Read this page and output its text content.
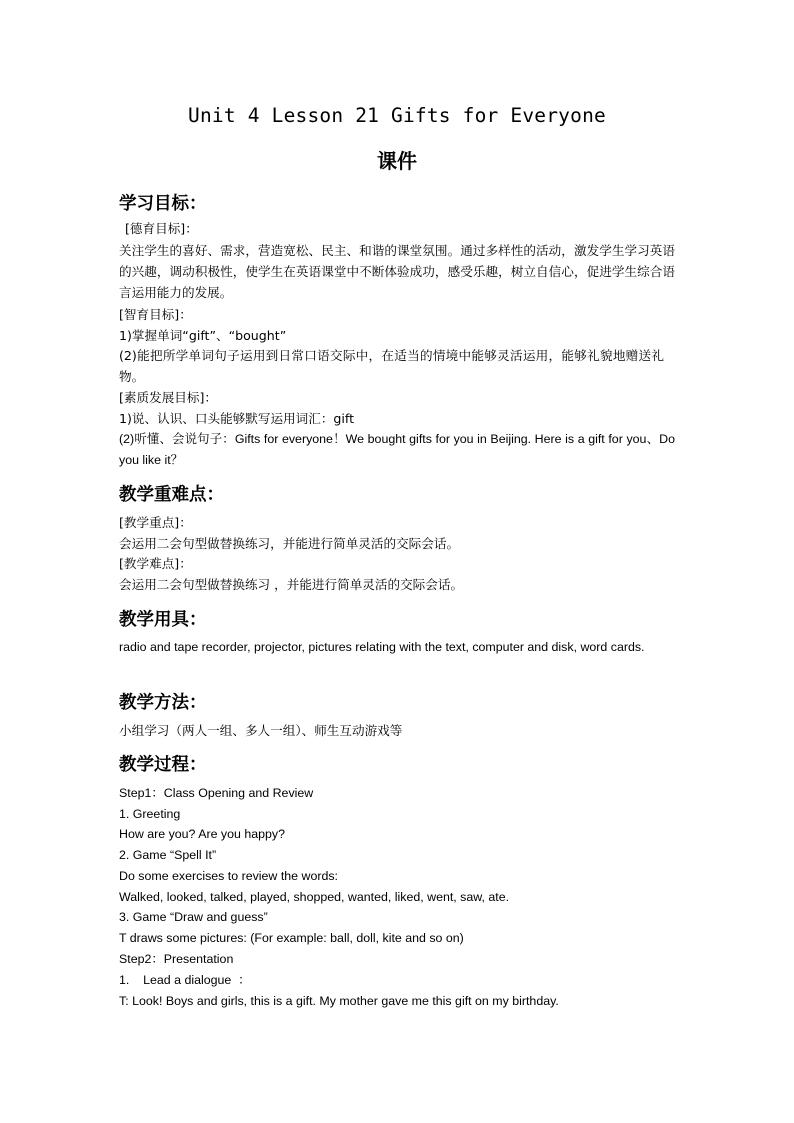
Unit 4 Lesson 21 Gifts for Everyone
课件
学习目标：
[德育目标]：
关注学生的喜好、需求，营造宽松、民主、和谐的课堂氛围。通过多样性的活动，激发学生学习英语的兴趣，调动积极性，使学生在英语课堂中不断体验成功，感受乐趣，树立自信心，促进学生综合语言运用能力的发展。
[智育目标]：
1)掌握单词“gift”、“bought”
(2)能把所学单词句子运用到日常口语交际中，在适当的情境中能够灵活运用，能够礼貌地赠送礼物。
[素质发展目标]：
1)说、认识、口头能够默写运用词汇：gift
(2)听懂、会说句子：Gifts for everyone！We bought gifts for you in Beijing. Here is a gift for you、Do you like it？
教学重难点：
[教学重点]：
会运用二会句型做替换练习，并能进行简单灵活的交际会话。
[教学难点]：
会运用二会句型做替换练习 ，并能进行简单灵活的交际会话。
教学用具：
radio and tape recorder, projector, pictures relating with the text, computer and disk, word cards.
教学方法：
小组学习（两人一组、多人一组）、师生互动游戏等
教学过程：
Step1：Class Opening and Review
1. Greeting
How are you? Are you happy?
2. Game “Spell It”
Do some exercises to review the words:
Walked, looked, talked, played, shopped, wanted, liked, went, saw, ate.
3. Game “Draw and guess”
T draws some pictures: (For example: ball, doll, kite and so on)
Step2：Presentation
1.    Lead a dialogue  ：
T: Look! Boys and girls, this is a gift. My mother gave me this gift on my birthday.
